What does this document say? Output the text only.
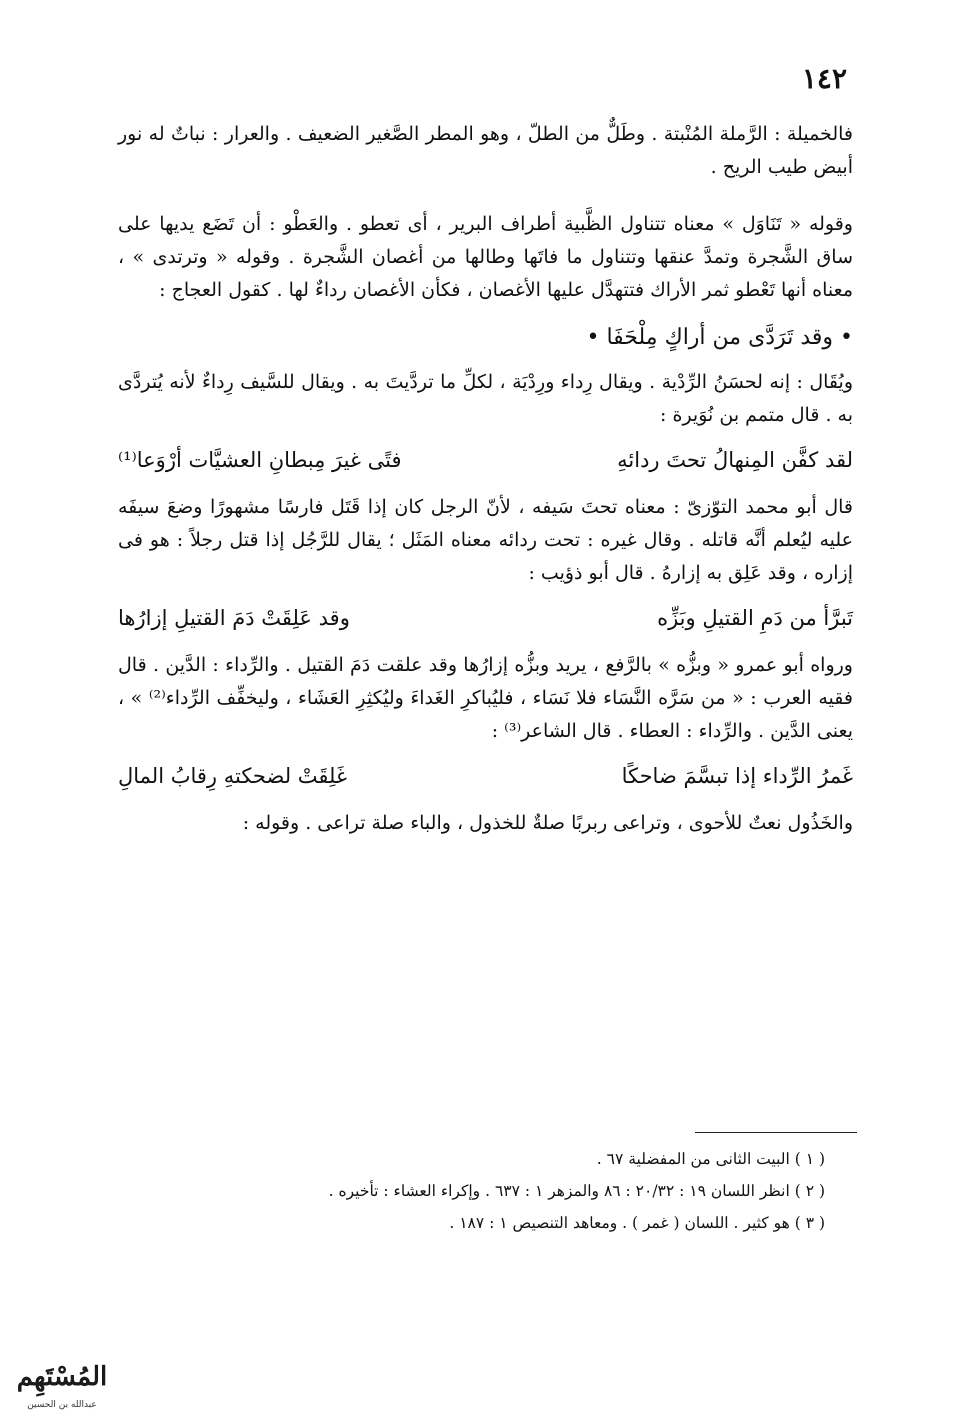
١٤٢

فالخميلة : الرَّملة المُنْبتة . وطَلٌّ من الطلّ ، وهو المطر الصَّغير الضعيف . والعرار : نباتٌ له نور أبيض طيب الريح .

وقوله « تَنَاوَل » معناه تتناول الظَّبية أطراف البرير ، أى تعطو . والعَطْو : أن تَضَع يديها على ساق الشَّجرة وتمدَّ عنقها وتتناول ما فاتَها وطالها من أغصان الشَّجرة . وقوله « وترتدى » ، معناه أنها تَعْطو ثمر الأراك فتتهدَّل عليها الأغصان ، فكأن الأغصان رداءٌ لها . كقول العجاج :

• وقد تَرَدَّى من أراكٍ مِلْحَفَا •

ويُقَال : إنه لحسَنُ الرِّدْية . ويقال رِداء ورِدْيَة ، لكلِّ ما تردَّيتَ به . ويقال للسَّيف رِداءٌ لأنه يُتردَّى به . قال متمم بن نُوَيرة :

لقد كفَّن المِنهالُ تحتَ ردائهِ
فتًى غيرَ مِبطانِ العشيَّات أرْوَعا⁽¹⁾

قال أبو محمد التوّزىّ : معناه تحتَ سَيفه ، لأنّ الرجل كان إذا قَتَل فارسًا مشهورًا وضعَ سيفَه عليه ليُعلم أنَّه قاتله . وقال غيره : تحت ردائه معناه المَثَل ؛ يقال للرَّجُل إذا قتل رجلاً : هو فى إزاره ، وقد عَلِق به إزارهُ . قال أبو ذؤيب :

تَبرَّأ من دَمِ القتيلِ وبَزِّه
وقد عَلِقَتْ دَمَ القتيلِ إزارُها

ورواه أبو عمرو « وبزُّه » بالرَّفع ، يريد وبزُّه إزارُها وقد علقت دَمَ القتيل . والرِّداء : الدَّين . قال فقيه العرب : « من سَرَّه النَّسَاء فلا نَسَاء ، فليُباكرِ الغَداءَ وليُكثِرِ العَشَاء ، وليخفِّف الرِّداء⁽²⁾ » ، يعنى الدَّين . والرِّداء : العطاء . قال الشاعر⁽³⁾ :

غَمرُ الرِّداء إذا تبسَّمَ ضاحكًا
غَلِقَتْ لضحكتهِ رِقابُ المالِ

والخَذُول نعتٌ للأحوى ، وتراعى ربربًا صلةٌ للخذول ، والباء صلة تراعى . وقوله :

( ١ ) البيت الثانى من المفضلية ٦٧ .

( ٢ ) انظر اللسان ١٩ : ٢٠/٣٢ : ٨٦ والمزهر ١ : ٦٣٧ . وإكراء العشاء : تأخيره .

( ٣ ) هو كثير . اللسان ( غمر ) . ومعاهد التنصيص ١ : ١٨٧ .

المُسْتَهِم
عبدالله بن الحسين
